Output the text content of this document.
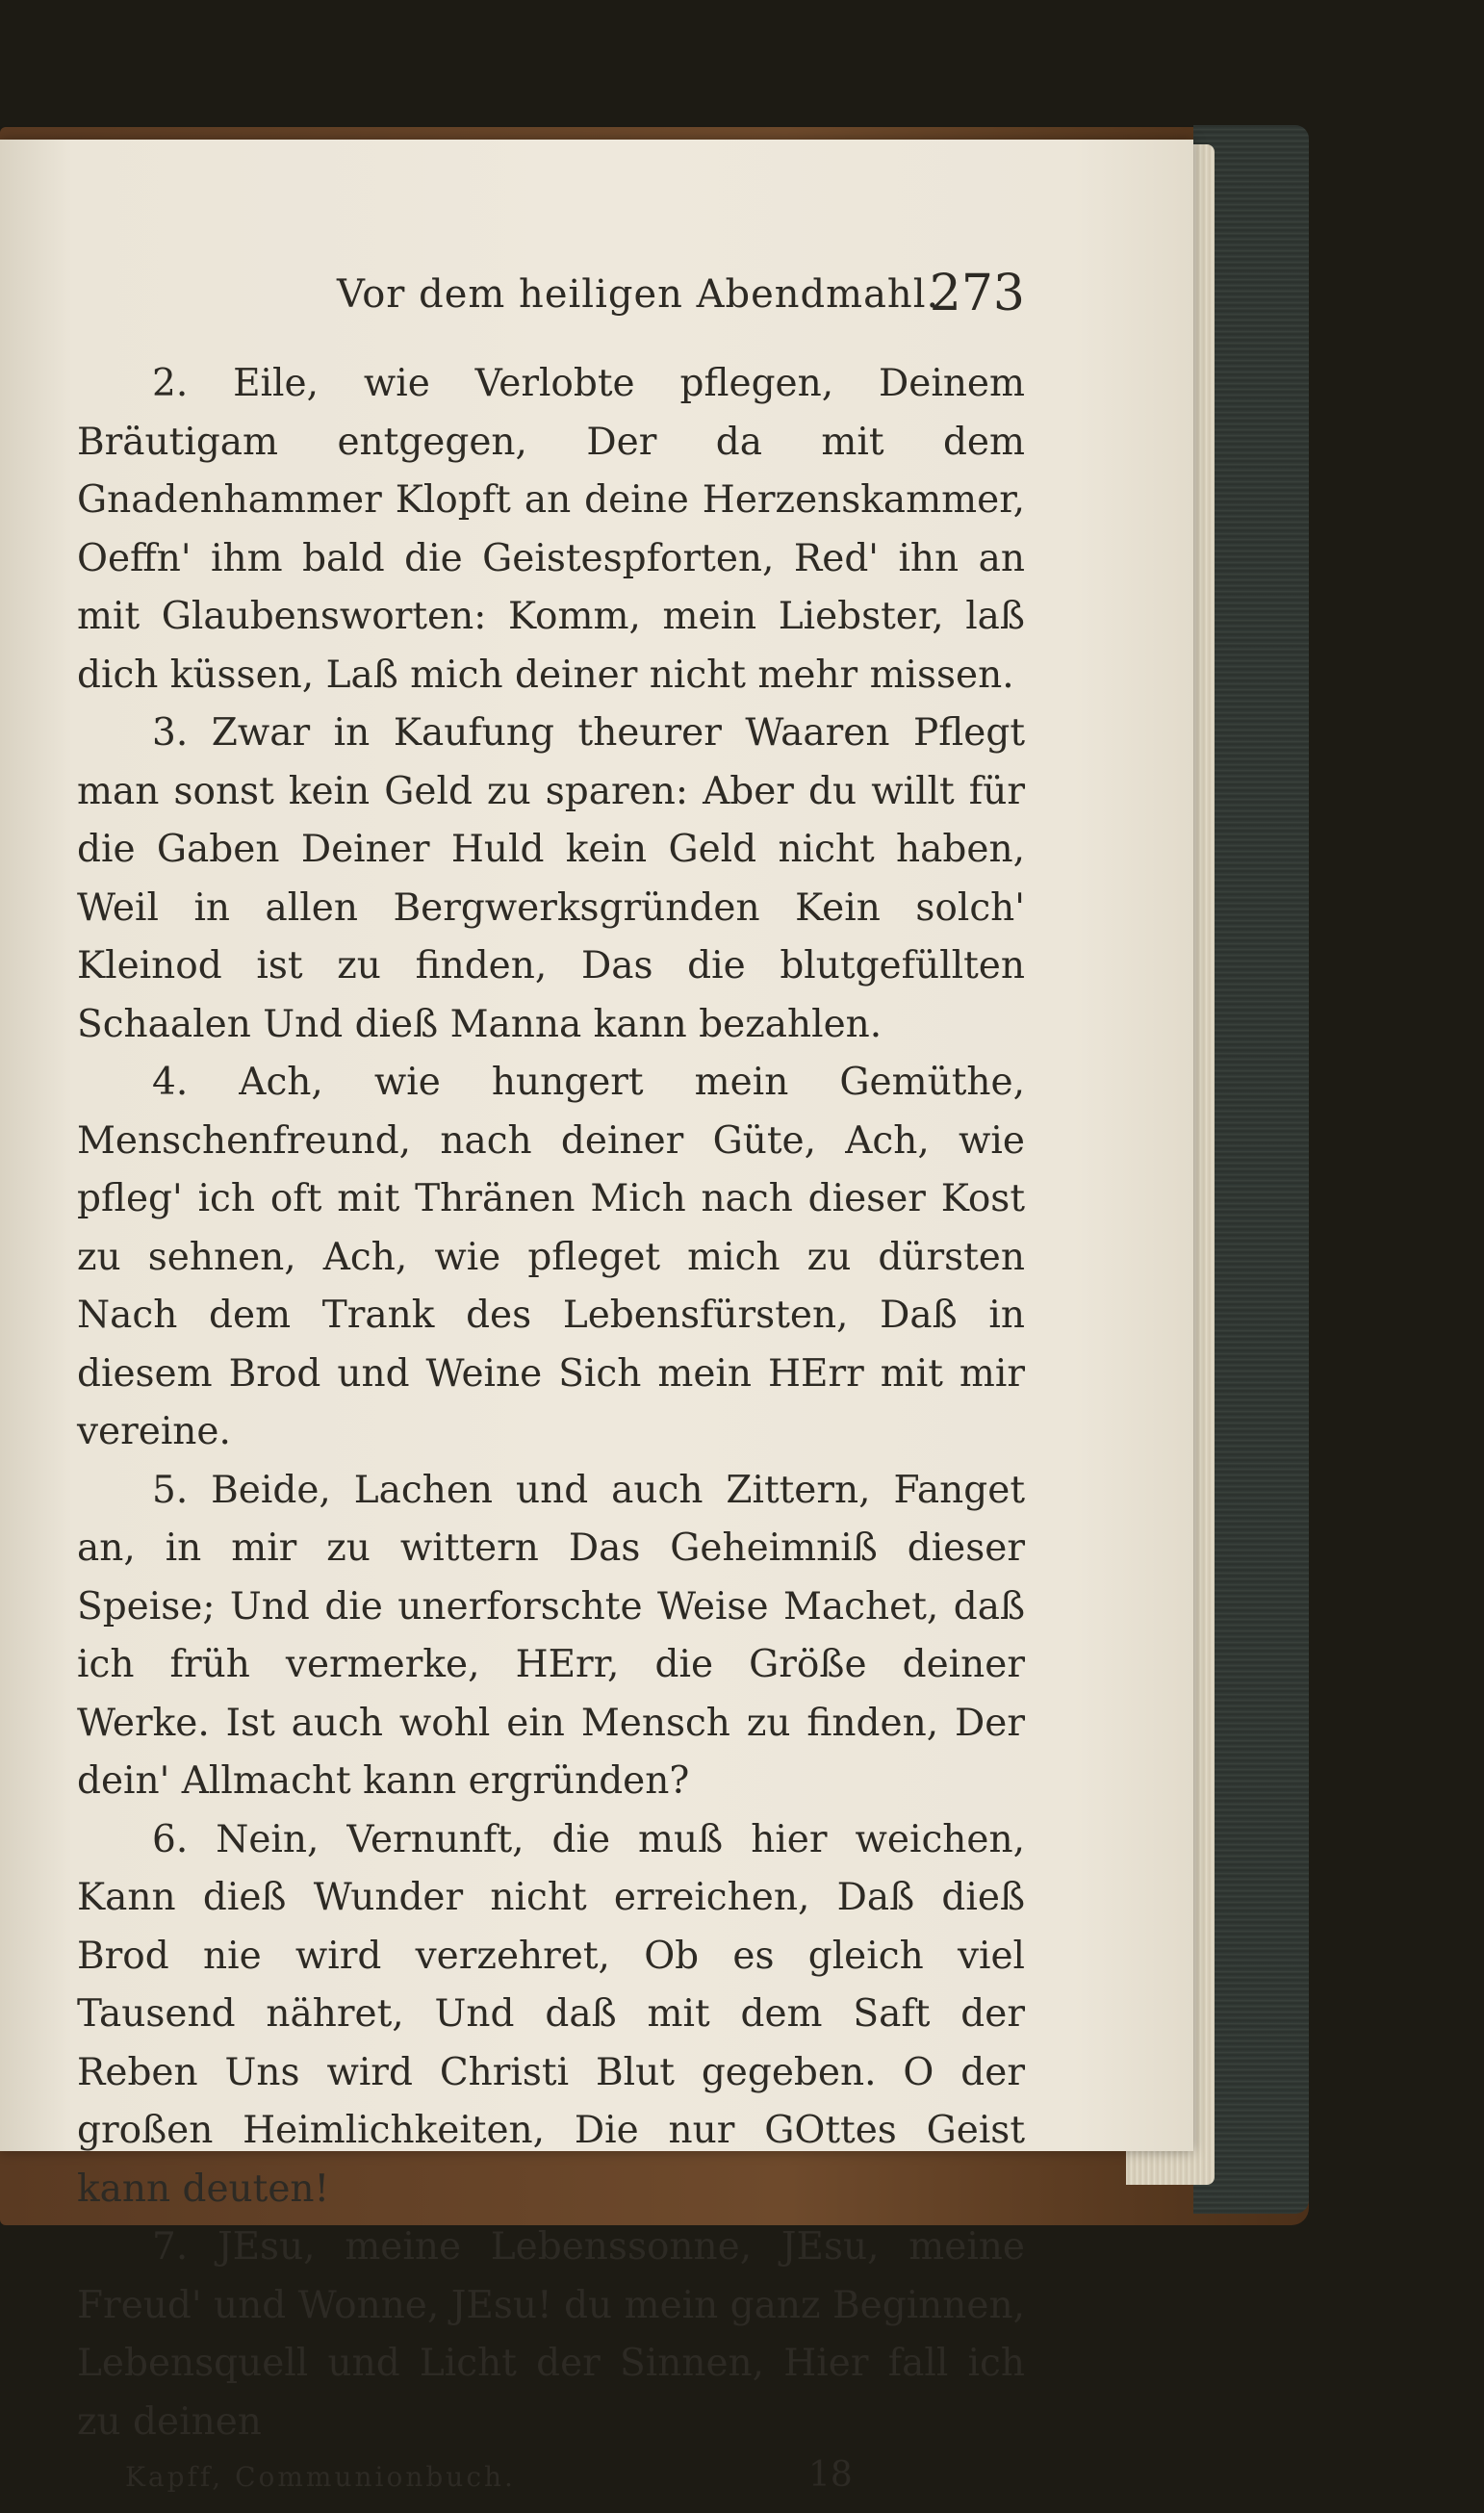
Vor dem heiligen Abendmahl.
273

2. Eile, wie Verlobte pflegen, Deinem Bräutigam entgegen, Der da mit dem Gnadenhammer Klopft an deine Herzenskammer, Oeffn' ihm bald die Geistespforten, Red' ihn an mit Glaubensworten: Komm, mein Liebster, laß dich küssen, Laß mich deiner nicht mehr missen.

3. Zwar in Kaufung theurer Waaren Pflegt man sonst kein Geld zu sparen: Aber du willt für die Gaben Deiner Huld kein Geld nicht haben, Weil in allen Bergwerksgründen Kein solch' Kleinod ist zu finden, Das die blutgefüllten Schaalen Und dieß Manna kann bezahlen.

4. Ach, wie hungert mein Gemüthe, Menschenfreund, nach deiner Güte, Ach, wie pfleg' ich oft mit Thränen Mich nach dieser Kost zu sehnen, Ach, wie pfleget mich zu dürsten Nach dem Trank des Lebensfürsten, Daß in diesem Brod und Weine Sich mein HErr mit mir vereine.

5. Beide, Lachen und auch Zittern, Fanget an, in mir zu wittern Das Geheimniß dieser Speise; Und die unerforschte Weise Machet, daß ich früh vermerke, HErr, die Größe deiner Werke. Ist auch wohl ein Mensch zu finden, Der dein' Allmacht kann ergründen?

6. Nein, Vernunft, die muß hier weichen, Kann dieß Wunder nicht erreichen, Daß dieß Brod nie wird verzehret, Ob es gleich viel Tausend nähret, Und daß mit dem Saft der Reben Uns wird Christi Blut gegeben. O der großen Heimlichkeiten, Die nur GOttes Geist kann deuten!

7. JEsu, meine Lebenssonne, JEsu, meine Freud' und Wonne, JEsu! du mein ganz Beginnen, Lebensquell und Licht der Sinnen, Hier fall ich zu deinen

Kapff, Communionbuch.	18
